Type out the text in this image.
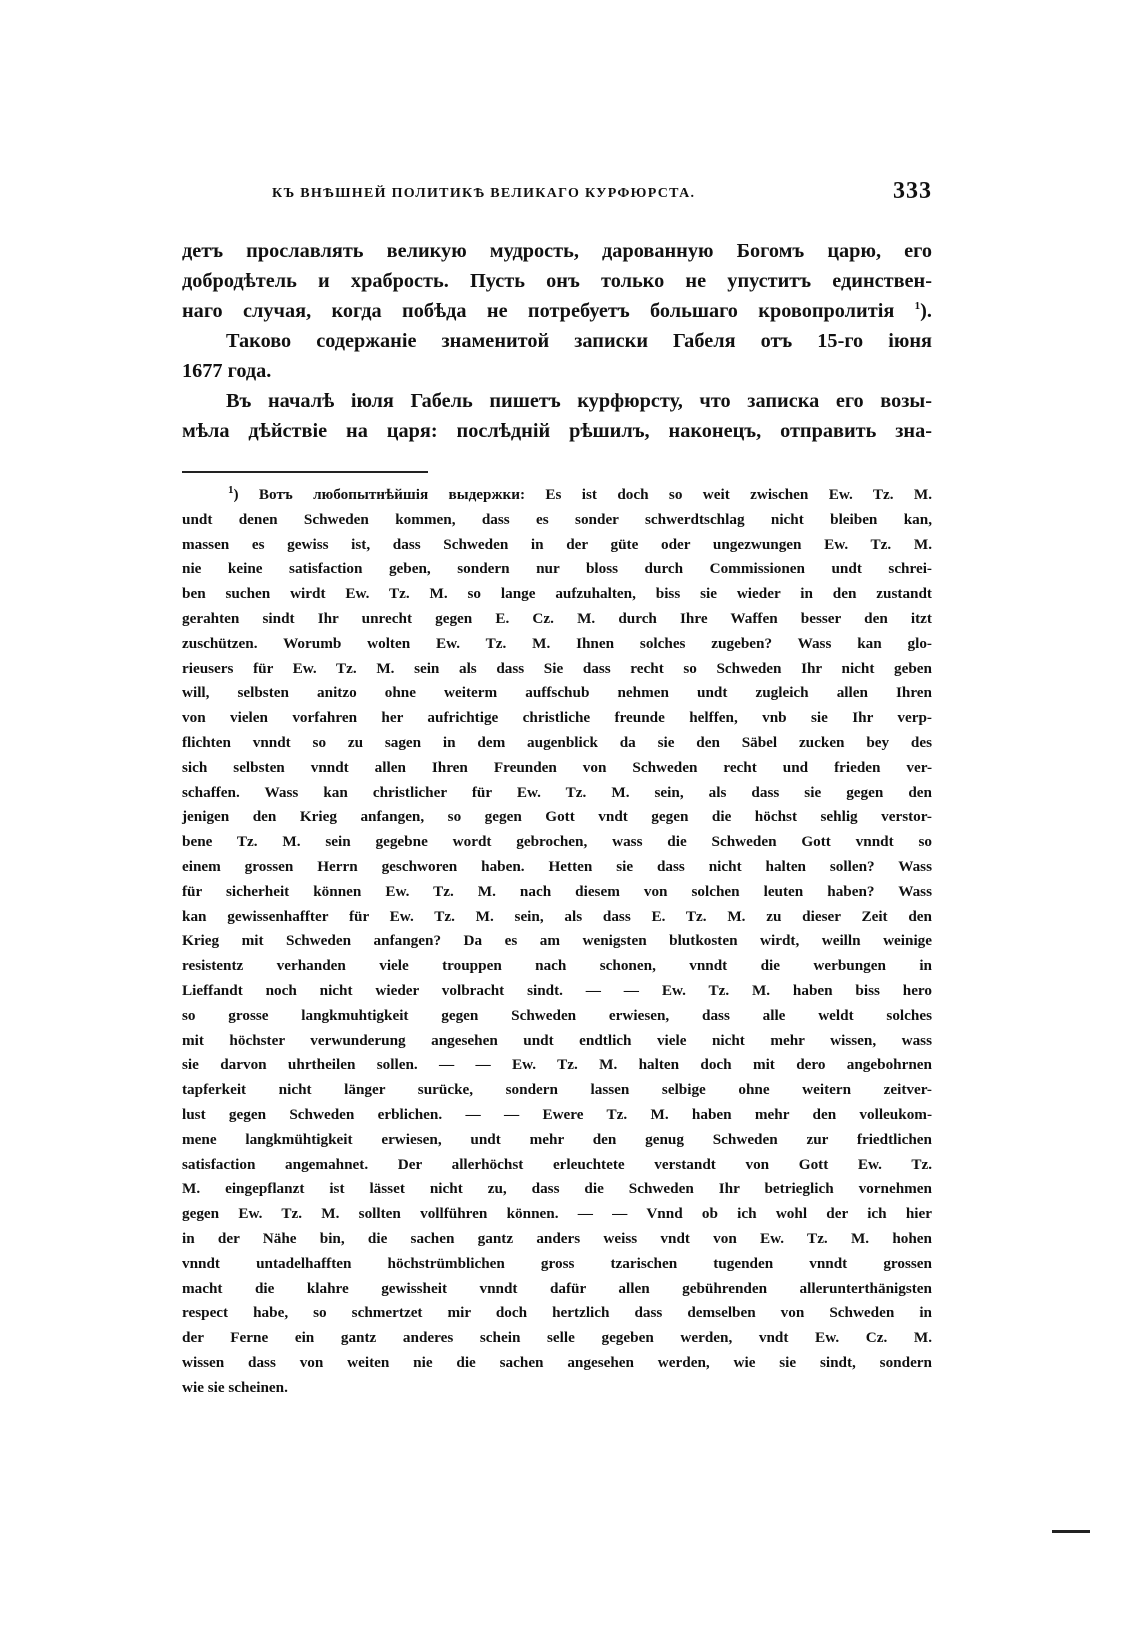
КЪ ВНѢШНЕЙ ПОЛИТИКѢ ВЕЛИКАГО КУРФЮРСТА.	333
детъ прославлять великую мудрость, дарованную Богомъ царю, его
добродѣтель и храбрость. Пусть онъ только не упуститъ единствен-
наго случая, когда побѣда не потребуетъ большаго кровопролитія $^1$).
Таково содержаніе знаменитой записки Габеля отъ 15-го іюня
1677 года.
Въ началѣ іюля Габель пишетъ курфюрсту, что записка его возы-
мѣла дѣйствіе на царя: послѣдній рѣшилъ, наконецъ, отправить зна-
$^1$) Вотъ любопытнѣйшія выдержки: Es ist doch so weit zwischen Ew. Tz. M.
undt denen Schweden kommen, dass es sonder schwerdtschlag nicht bleiben kan,
massen es gewiss ist, dass Schweden in der güte oder ungezwungen Ew. Tz. M.
nie keine satisfaction geben, sondern nur bloss durch Commissionen undt schrei-
ben suchen wirdt Ew. Tz. M. so lange aufzuhalten, biss sie wieder in den zustandt
gerahten sindt Ihr unrecht gegen E. Cz. M. durch Ihre Waffen besser den itzt
zuschützen. Worumb wolten Ew. Tz. M. Ihnen solches zugeben? Wass kan glo-
rieusers für Ew. Tz. M. sein als dass Sie dass recht so Schweden Ihr nicht geben
will, selbsten anitzo ohne weiterm auffschub nehmen undt zugleich allen Ihren
von vielen vorfahren her aufrichtige christliche freunde helffen, vnb sie Ihr verp-
flichten vnndt so zu sagen in dem augenblick da sie den Säbel zucken bey des
sich selbsten vnndt allen Ihren Freunden von Schweden recht und frieden ver-
schaffen. Wass kan christlicher für Ew. Tz. M. sein, als dass sie gegen den
jenigen den Krieg anfangen, so gegen Gott vndt gegen die höchst sehlig verstor-
bene Tz. M. sein gegebne wordt gebrochen, wass die Schweden Gott vnndt so
einem grossen Herrn geschworen haben. Hetten sie dass nicht halten sollen? Wass
für sicherheit können Ew. Tz. M. nach diesem von solchen leuten haben? Wass
kan gewissenhaffter für Ew. Tz. M. sein, als dass E. Tz. M. zu dieser Zeit den
Krieg mit Schweden anfangen? Da es am wenigsten blutkosten wirdt, weilln weinige
resistentz verhanden viele trouppen nach schonen, vnndt die werbungen in
Lieffandt noch nicht wieder volbracht sindt. — — Ew. Tz. M. haben biss hero
so grosse langkmuhtigkeit gegen Schweden erwiesen, dass alle weldt solches
mit höchster verwunderung angesehen undt endtlich viele nicht mehr wissen, wass
sie darvon uhrtheilen sollen. — — Ew. Tz. M. halten doch mit dero angebohrnen
tapferkeit nicht länger surücke, sondern lassen selbige ohne weitern zeitver-
lust gegen Schweden erblichen. — — Ewere Tz. M. haben mehr den volleukom-
mene langkmühtigkeit erwiesen, undt mehr den genug Schweden zur friedtlichen
satisfaction angemahnet. Der allerhöchst erleuchtete verstandt von Gott Ew. Tz.
M. eingepflanzt ist lässet nicht zu, dass die Schweden Ihr betrieglich vornehmen
gegen Ew. Tz. M. sollten vollführen können. — — Vnnd ob ich wohl der ich hier
in der Nähe bin, die sachen gantz anders weiss vndt von Ew. Tz. M. hohen
vnndt untadelhafften höchstrümblichen gross tzarischen tugenden vnndt grossen
macht die klahre gewissheit vnndt dafür allen gebührenden allerunterthänigsten
respect habe, so schmertzet mir doch hertzlich dass demselben von Schweden in
der Ferne ein gantz anderes schein selle gegeben werden, vndt Ew. Cz. M.
wissen dass von weiten nie die sachen angesehen werden, wie sie sindt, sondern
wie sie scheinen.
